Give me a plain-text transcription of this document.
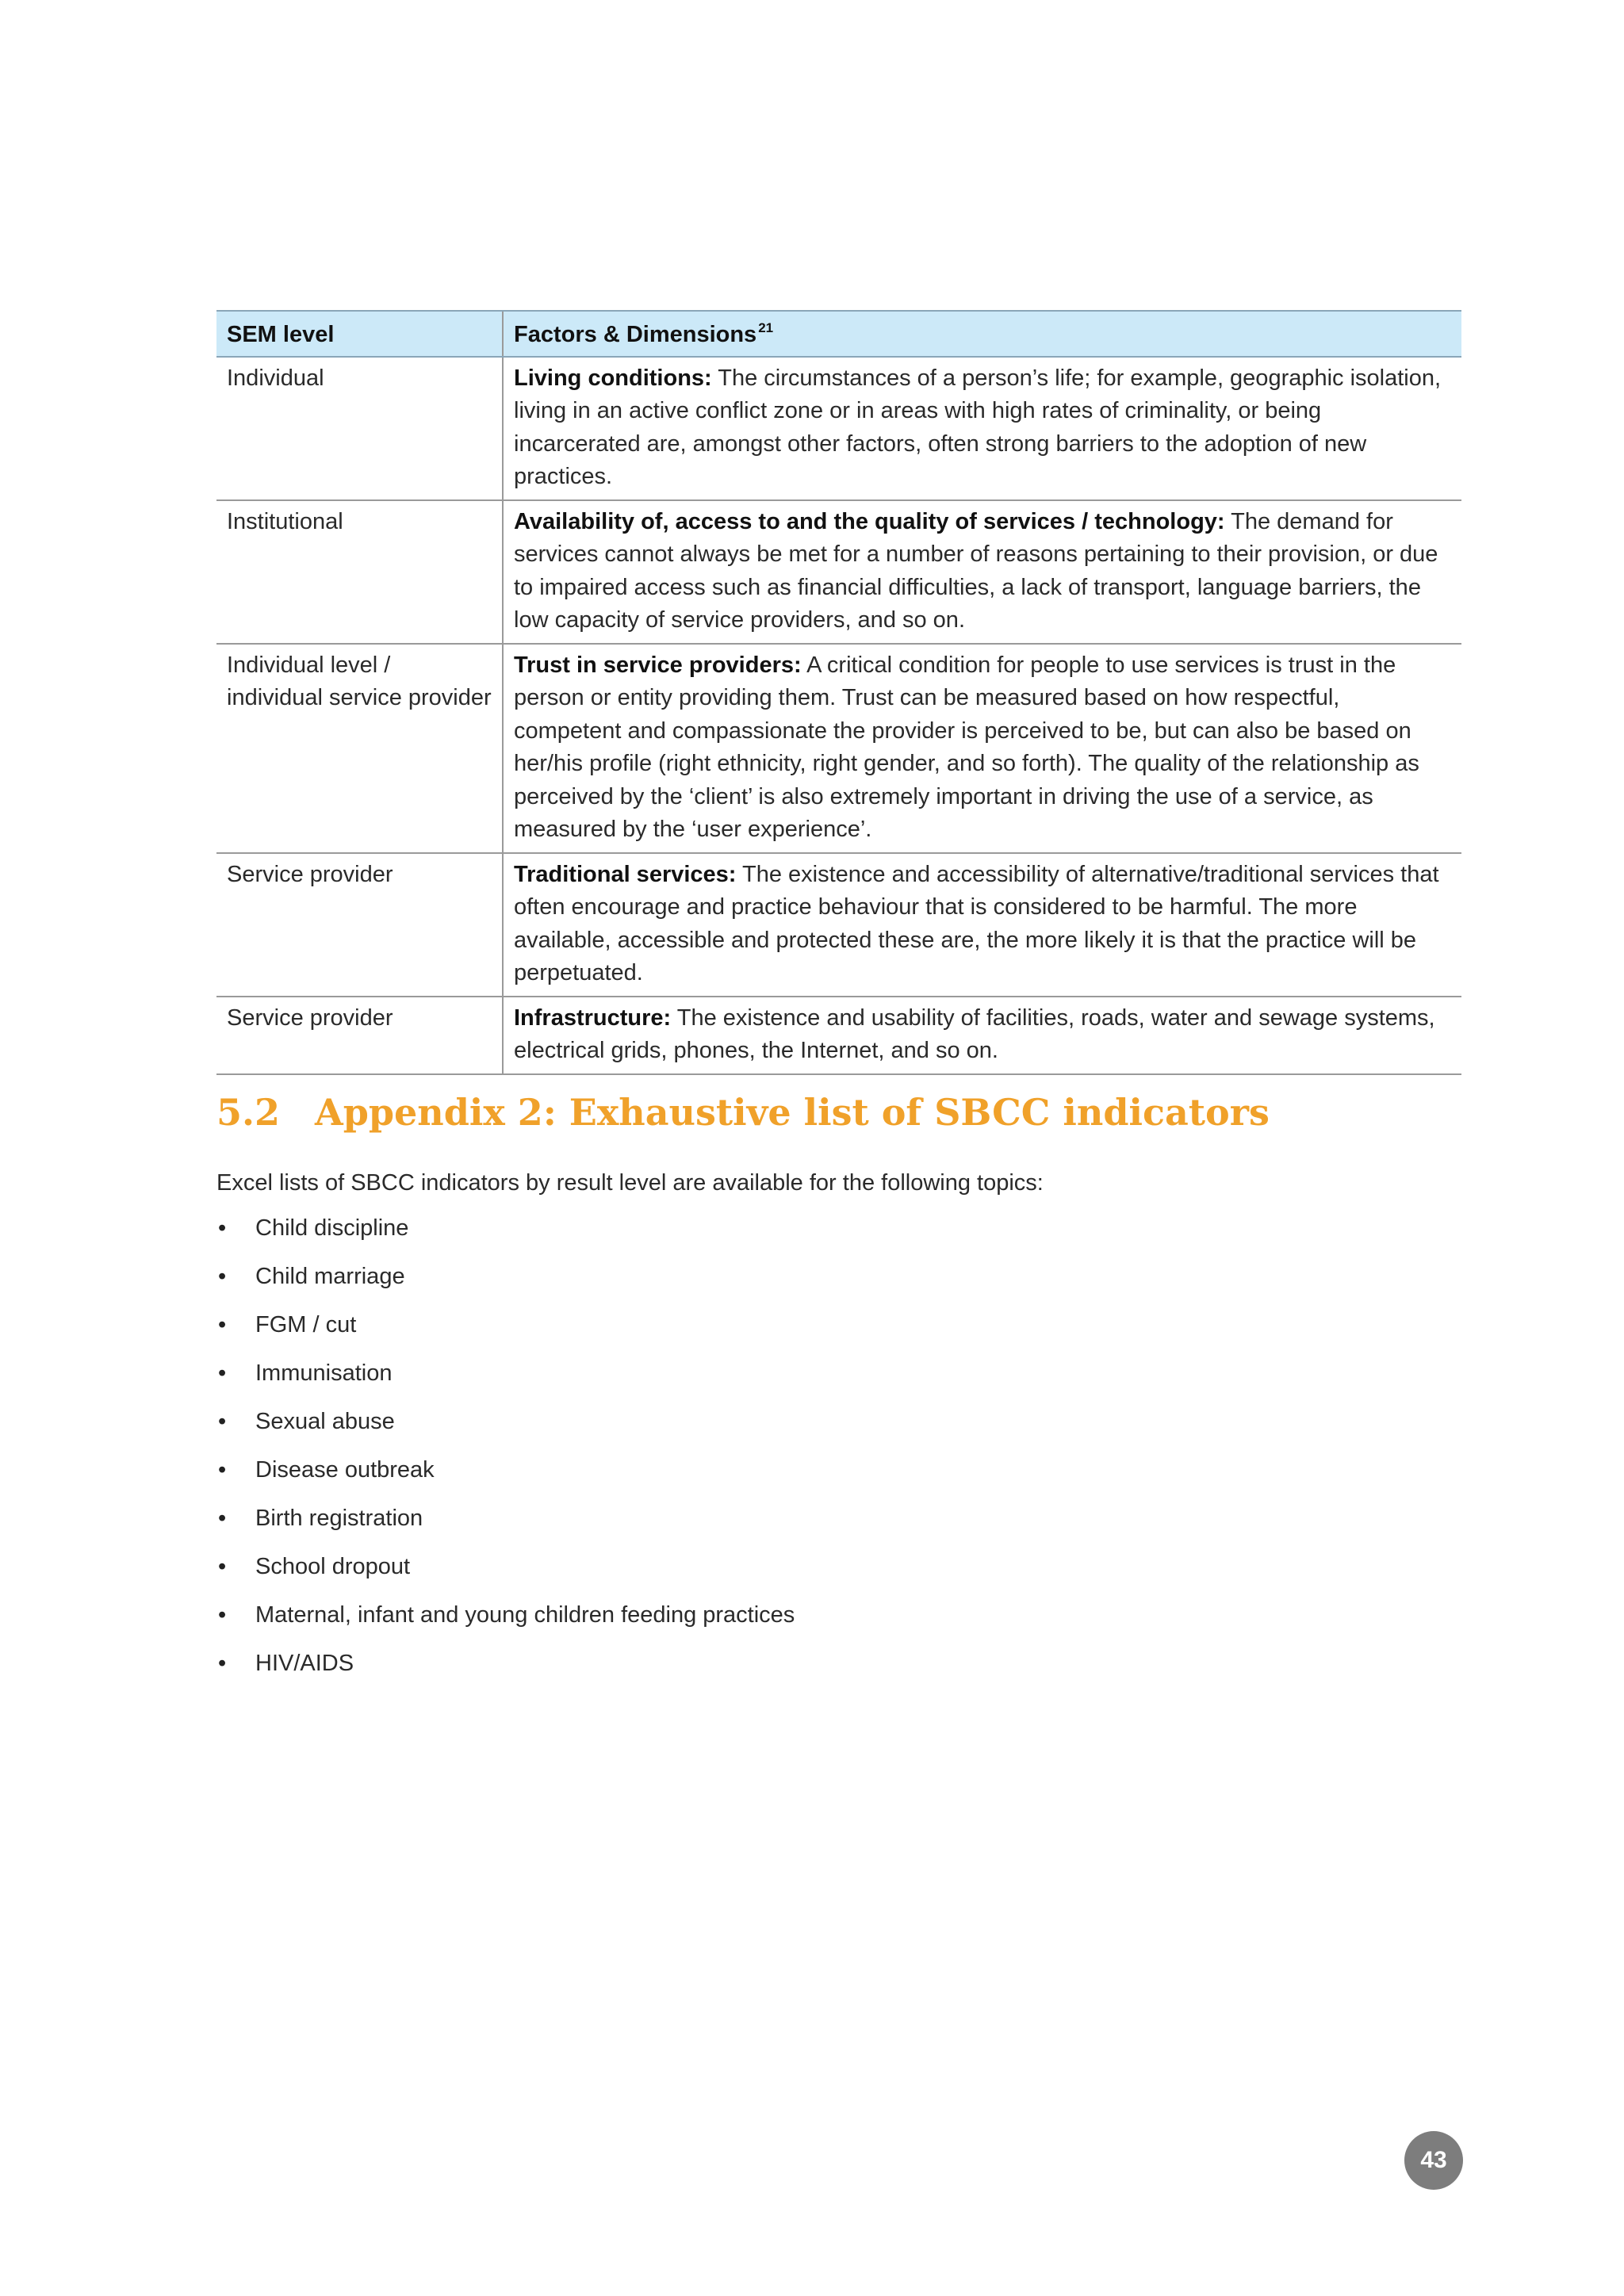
SEM level	Factors & Dimensions $^{21}$
Individual	Living conditions: The circumstances of a person’s life; for example, geographic isolation, living in an active conflict zone or in areas with high rates of criminality, or being incarcerated are, amongst other factors, often strong barriers to the adoption of new practices.
Institutional	Availability of, access to and the quality of services / technology: The demand for services cannot always be met for a number of reasons pertaining to their provision, or due to impaired access such as financial difficulties, a lack of transport, language barriers, the low capacity of service providers, and so on.
Individual level / individual service provider	Trust in service providers: A critical condition for people to use services is trust in the person or entity providing them. Trust can be measured based on how respectful, competent and compassionate the provider is perceived to be, but can also be based on her/his profile (right ethnicity, right gender, and so forth). The quality of the relationship as perceived by the ‘client’ is also extremely important in driving the use of a service, as measured by the ‘user experience’.
Service provider	Traditional services: The existence and accessibility of alternative/traditional services that often encourage and practice behaviour that is considered to be harmful. The more available, accessible and protected these are, the more likely it is that the practice will be perpetuated.
Service provider	Infrastructure: The existence and usability of facilities, roads, water and sewage systems, electrical grids, phones, the Internet, and so on.
5.2 Appendix 2: Exhaustive list of SBCC indicators

Excel lists of SBCC indicators by result level are available for the following topics:

• Child discipline
• Child marriage
• FGM / cut
• Immunisation
• Sexual abuse
• Disease outbreak
• Birth registration
• School dropout
• Maternal, infant and young children feeding practices
• HIV/AIDS
43
